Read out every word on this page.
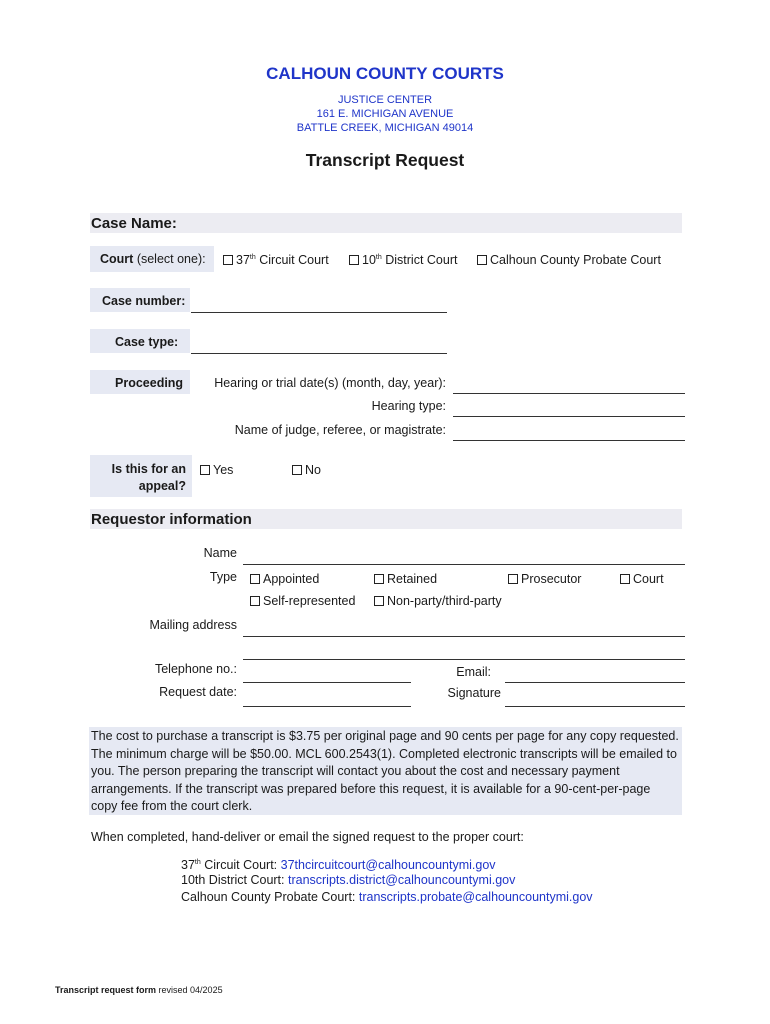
CALHOUN COUNTY COURTS
JUSTICE CENTER
161 E. MICHIGAN AVENUE
BATTLE CREEK, MICHIGAN 49014
Transcript Request
Case Name:
Court (select one):	37th Circuit Court	10th District Court	Calhoun County Probate Court
Case number:
Case type:
Proceeding	Hearing or trial date(s) (month, day, year):
Hearing type:
Name of judge, referee, or magistrate:
Is this for an
appeal?
Yes	No
Requestor information
Name
Type	Appointed	Retained	Prosecutor	Court
Self-represented	Non-party/third-party
Mailing address
Telephone no.:	Email:
Request date:	Signature
The cost to purchase a transcript is $3.75 per original page and 90 cents per page for any copy requested. The minimum charge will be $50.00. MCL 600.2543(1). Completed electronic transcripts will be emailed to you. The person preparing the transcript will contact you about the cost and necessary payment arrangements. If the transcript was prepared before this request, it is available for a 90-cent-per-page copy fee from the court clerk.
When completed, hand-deliver or email the signed request to the proper court:
37th Circuit Court: 37thcircuitcourt@calhouncountymi.gov
10th District Court: transcripts.district@calhouncountymi.gov
Calhoun County Probate Court: transcripts.probate@calhouncountymi.gov
Transcript request form revised 04/2025
